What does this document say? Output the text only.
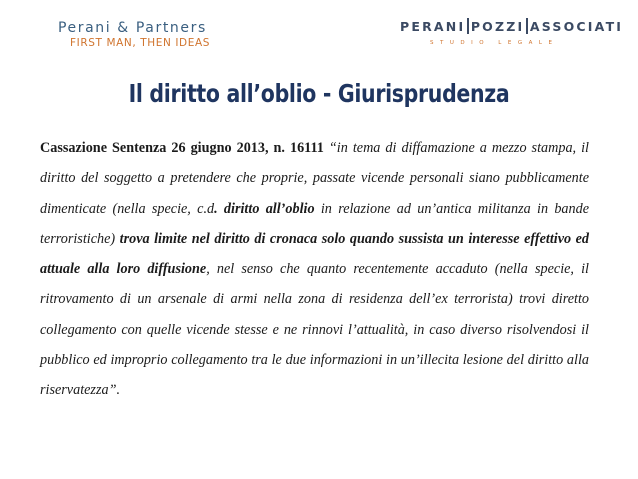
Perani & Partners
FIRST MAN, THEN IDEAS
PERANI POZZI ASSOCIATI
STUDIO LEGALE
Il diritto all’oblio - Giurisprudenza
Cassazione Sentenza 26 giugno 2013, n. 16111 “in tema di diffamazione a mezzo stampa, il diritto del soggetto a pretendere che proprie, passate vicende personali siano pubblicamente dimenticate (nella specie, c.d. diritto all’oblio in relazione ad un’antica militanza in bande terroristiche) trova limite nel diritto di cronaca solo quando sussista un interesse effettivo ed attuale alla loro diffusione, nel senso che quanto recentemente accaduto (nella specie, il ritrovamento di un arsenale di armi nella zona di residenza dell’ex terrorista) trovi diretto collegamento con quelle vicende stesse e ne rinnovi l’attualità, in caso diverso risolvendosi il pubblico ed improprio collegamento tra le due informazioni in un’illecita lesione del diritto alla riservatezza”.
